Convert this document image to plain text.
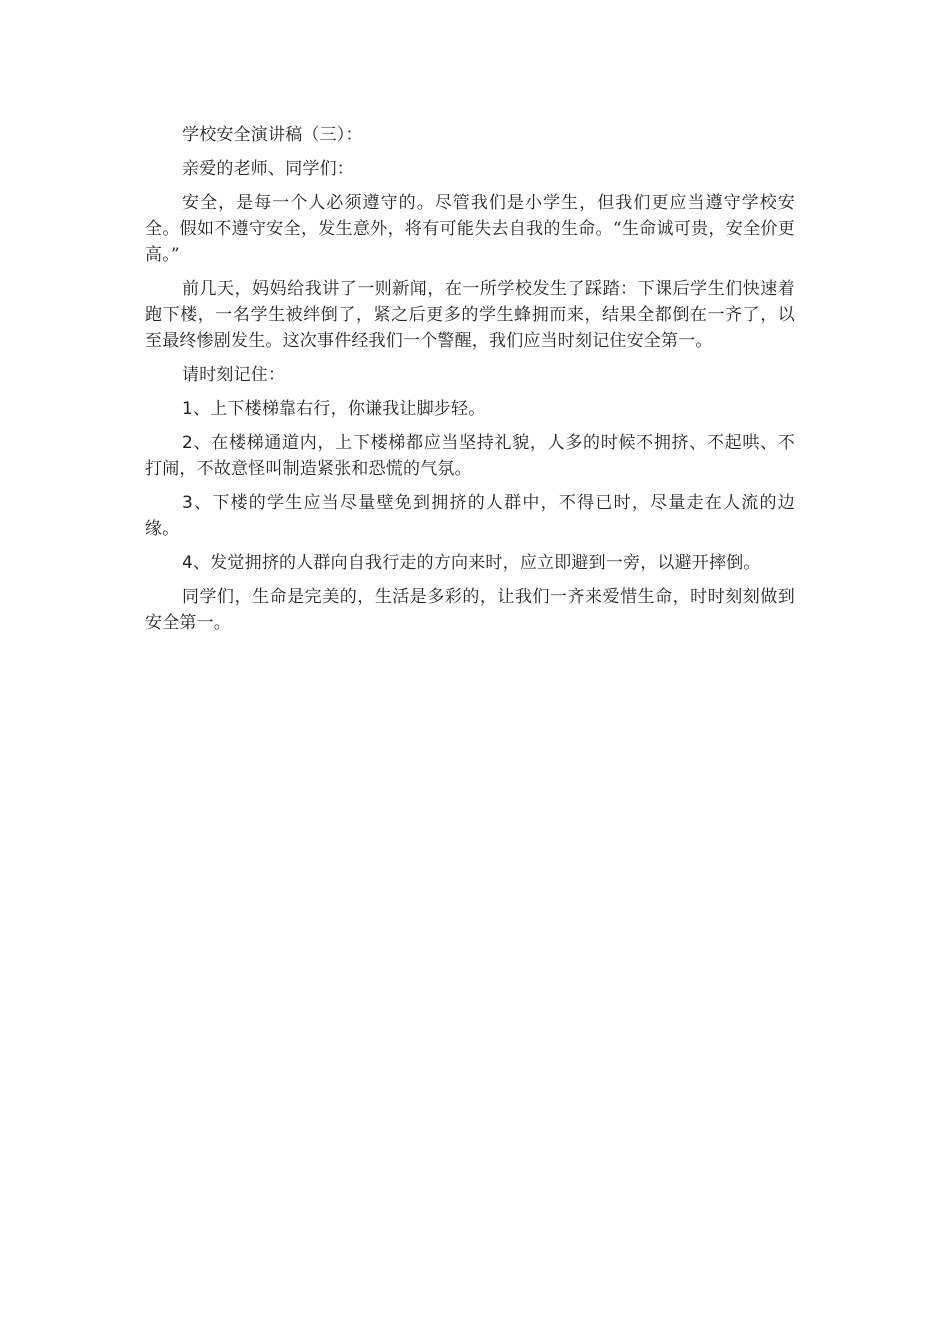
学校安全演讲稿（三）：

亲爱的老师、同学们：

安全，是每一个人必须遵守的。尽管我们是小学生，但我们更应当遵守学校安全。假如不遵守安全，发生意外，将有可能失去自我的生命。“生命诚可贵，安全价更高。”

前几天，妈妈给我讲了一则新闻，在一所学校发生了踩踏：下课后学生们快速着跑下楼，一名学生被绊倒了，紧之后更多的学生蜂拥而来，结果全都倒在一齐了，以至最终惨剧发生。这次事件经我们一个警醒，我们应当时刻记住安全第一。

请时刻记住：

1、上下楼梯靠右行，你谦我让脚步轻。

2、在楼梯通道内，上下楼梯都应当坚持礼貌，人多的时候不拥挤、不起哄、不打闹，不故意怪叫制造紧张和恐慌的气氛。

3、下楼的学生应当尽量壁免到拥挤的人群中，不得已时，尽量走在人流的边缘。

4、发觉拥挤的人群向自我行走的方向来时，应立即避到一旁，以避开摔倒。

同学们，生命是完美的，生活是多彩的，让我们一齐来爱惜生命，时时刻刻做到安全第一。
